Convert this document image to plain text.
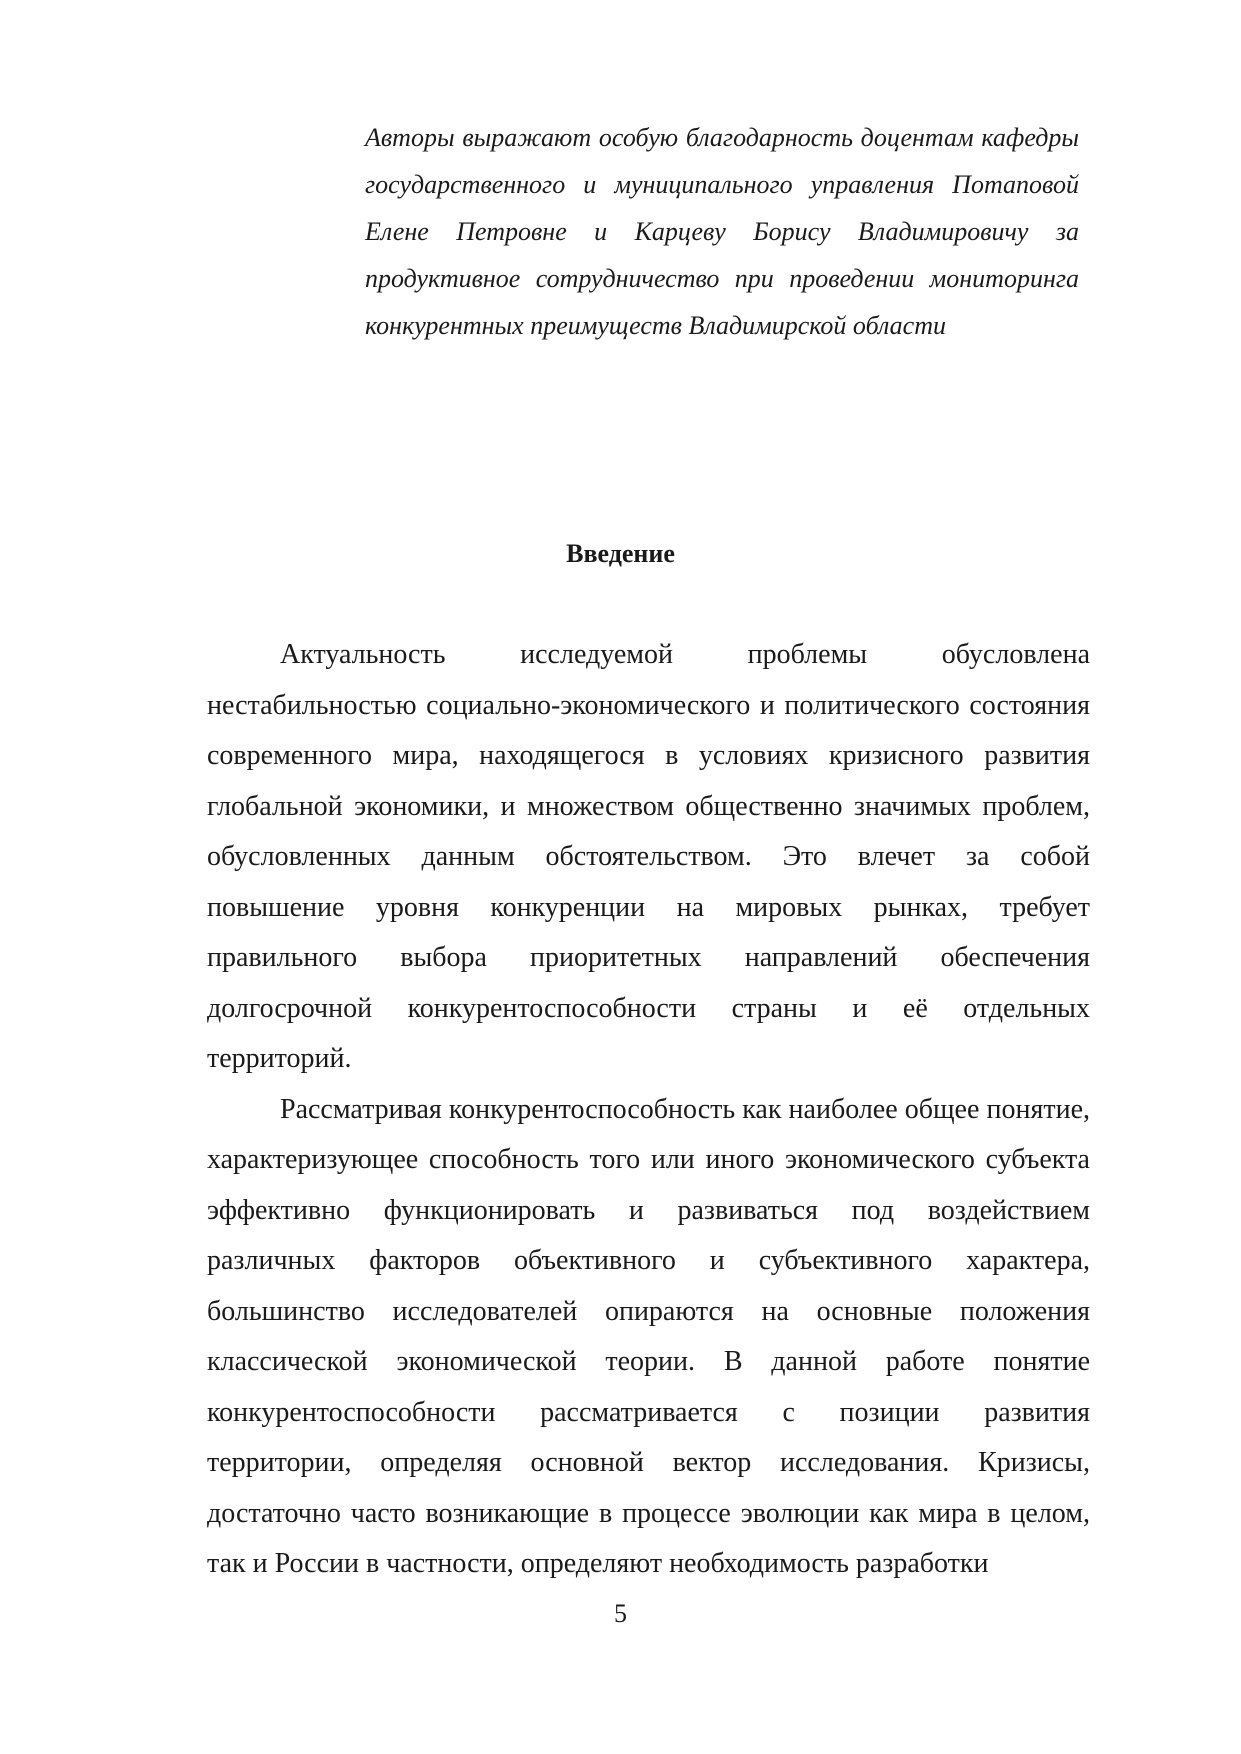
Авторы выражают особую благодарность доцентам кафедры государственного и муниципального управления Потаповой Елене Петровне и Карцеву Борису Владимировичу за продуктивное сотрудничество при проведении мониторинга конкурентных преимуществ Владимирской области

Введение

Актуальность исследуемой проблемы обусловлена нестабильностью социально-экономического и политического состояния современного мира, находящегося в условиях кризисного развития глобальной экономики, и множеством общественно значимых проблем, обусловленных данным обстоятельством. Это влечет за собой повышение уровня конкуренции на мировых рынках, требует правильного выбора приоритетных направлений обеспечения долгосрочной конкурентоспособности страны и её отдельных территорий.

Рассматривая конкурентоспособность как наиболее общее понятие, характеризующее способность того или иного экономического субъекта эффективно функционировать и развиваться под воздействием различных факторов объективного и субъективного характера, большинство исследователей опираются на основные положения классической экономической теории. В данной работе понятие конкурентоспособности рассматривается с позиции развития территории, определяя основной вектор исследования. Кризисы, достаточно часто возникающие в процессе эволюции как мира в целом, так и России в частности, определяют необходимость разработки

5
